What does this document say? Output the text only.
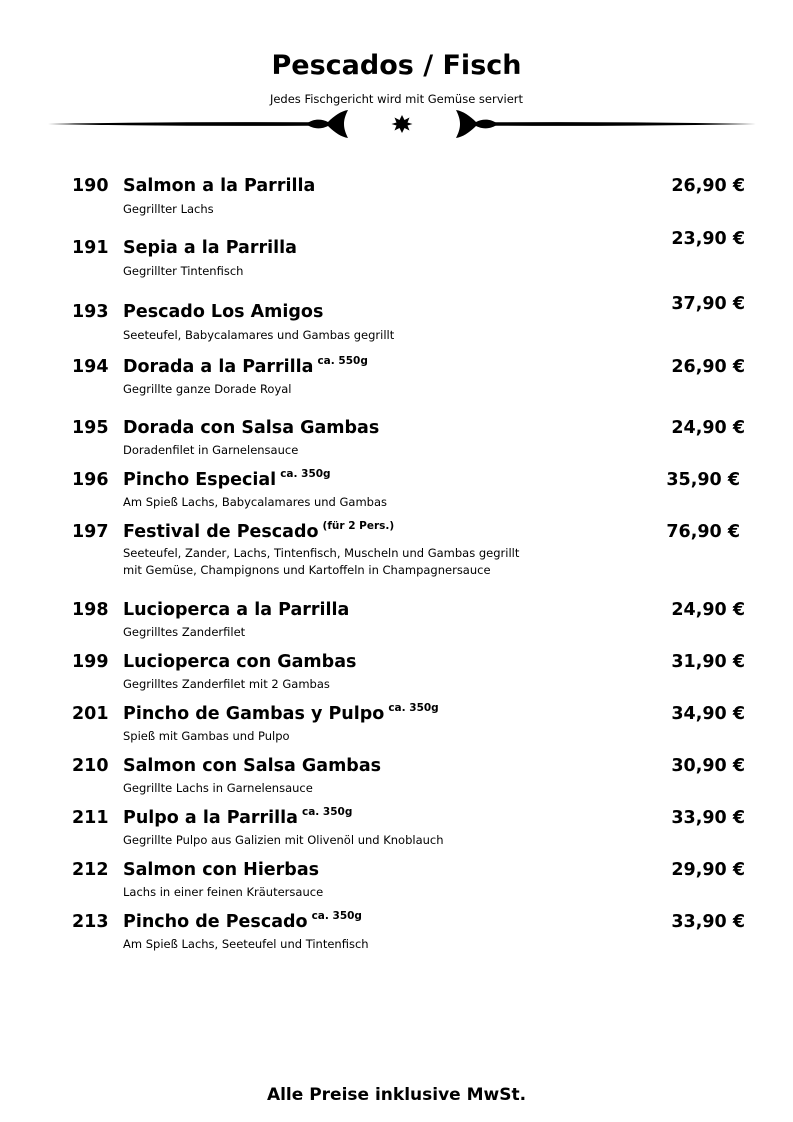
Pescados / Fisch
Jedes Fischgericht wird mit Gemüse serviert
190 Salmon a la Parrilla	26,90 €
Gegrillter Lachs
191 Sepia a la Parrilla	23,90 €
Gegrillter Tintenfisch
193 Pescado Los Amigos	37,90 €
Seeteufel, Babycalamares und Gambas gegrillt
194 Dorada a la Parrilla $^{ca. 550g}$	26,90 €
Gegrillte ganze Dorade Royal
195 Dorada con Salsa Gambas	24,90 €
Doradenfilet in Garnelensauce
196 Pincho Especial $^{ca. 350g}$	35,90 €
Am Spieß Lachs, Babycalamares und Gambas
197 Festival de Pescado $^{(für 2 Pers.)}$	76,90 €
Seeteufel, Zander, Lachs, Tintenfisch, Muscheln und Gambas gegrillt
mit Gemüse, Champignons und Kartoffeln in Champagnersauce
198 Lucioperca a la Parrilla	24,90 €
Gegrilltes Zanderfilet
199 Lucioperca con Gambas	31,90 €
Gegrilltes Zanderfilet mit 2 Gambas
201 Pincho de Gambas y Pulpo $^{ca. 350g}$	34,90 €
Spieß mit Gambas und Pulpo
210 Salmon con Salsa Gambas	30,90 €
Gegrillte Lachs in Garnelensauce
211 Pulpo a la Parrilla $^{ca. 350g}$	33,90 €
Gegrillte Pulpo aus Galizien mit Olivenöl und Knoblauch
212 Salmon con Hierbas	29,90 €
Lachs in einer feinen Kräutersauce
213 Pincho de Pescado $^{ca. 350g}$	33,90 €
Am Spieß Lachs, Seeteufel und Tintenfisch
Alle Preise inklusive MwSt.
